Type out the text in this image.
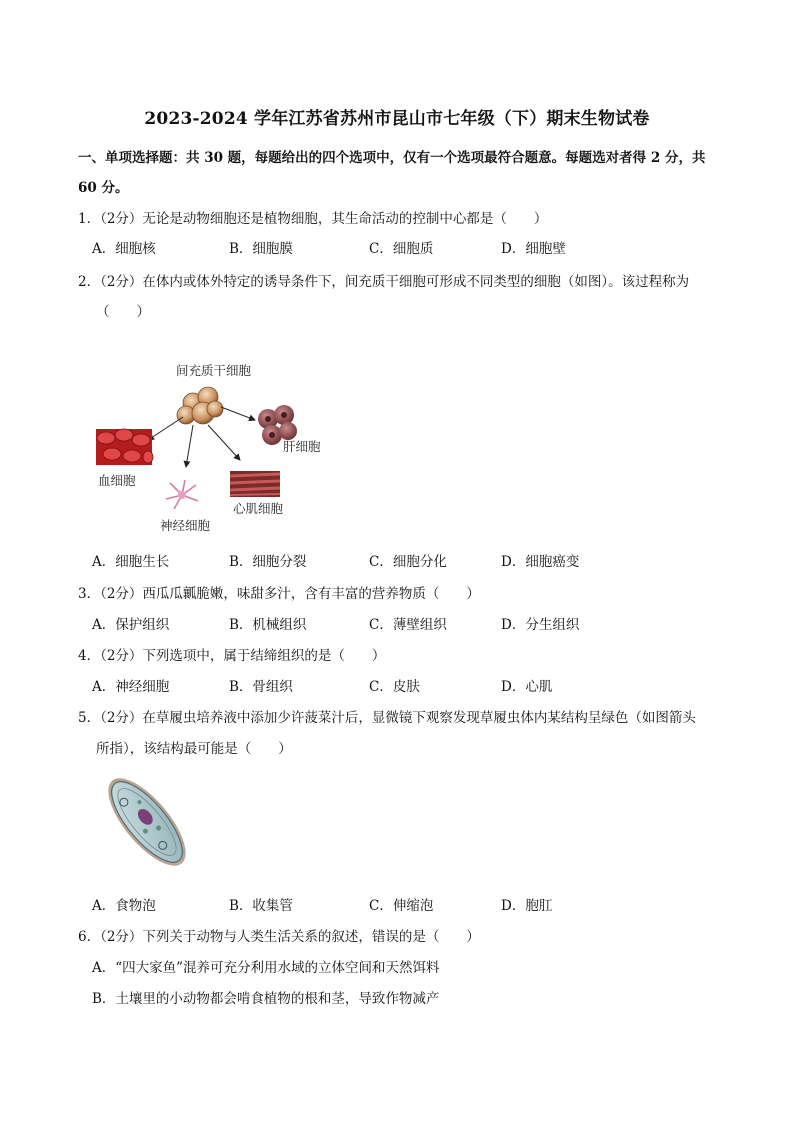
2023-2024 学年江苏省苏州市昆山市七年级（下）期末生物试卷
一、单项选择题：共 30 题，每题给出的四个选项中，仅有一个选项最符合题意。每题选对者得 2 分，共
60 分。
1．（2分）无论是动物细胞还是植物细胞，其生命活动的控制中心都是（　　）
A．细胞核	B．细胞膜	C．细胞质	D．细胞壁
2．（2分）在体内或体外特定的诱导条件下，间充质干细胞可形成不同类型的细胞（如图）。该过程称为
（　　）
间充质干细胞
肝细胞
血细胞
神经细胞
心肌细胞
A．细胞生长	B．细胞分裂	C．细胞分化	D．细胞癌变
3．（2分）西瓜瓜瓤脆嫩，味甜多汁，含有丰富的营养物质（　　）
A．保护组织	B．机械组织	C．薄壁组织	D．分生组织
4．（2分）下列选项中，属于结缔组织的是（　　）
A．神经细胞	B．骨组织	C．皮肤	D．心肌
5．（2分）在草履虫培养液中添加少许菠菜汁后，显微镜下观察发现草履虫体内某结构呈绿色（如图箭头
所指），该结构最可能是（　　）
A．食物泡	B．收集管	C．伸缩泡	D．胞肛
6．（2分）下列关于动物与人类生活关系的叙述，错误的是（　　）
A．“四大家鱼”混养可充分利用水域的立体空间和天然饵料
B．土壤里的小动物都会啃食植物的根和茎，导致作物减产
